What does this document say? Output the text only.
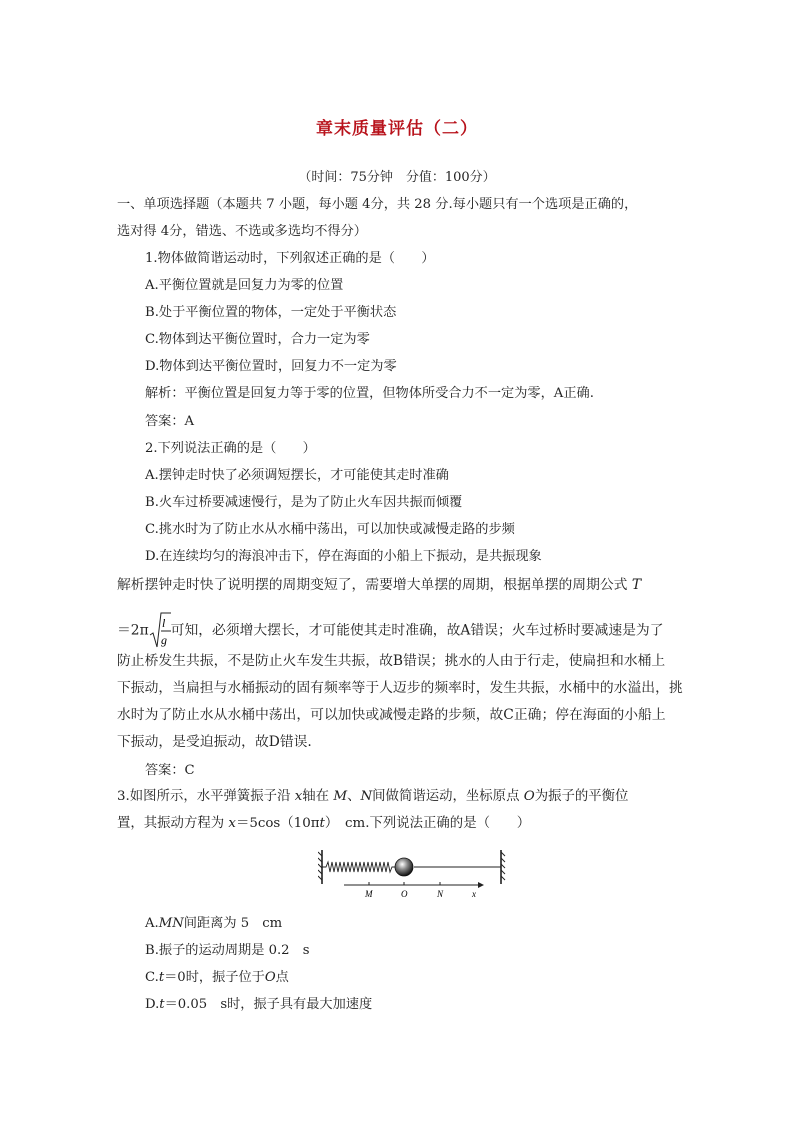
章末质量评估（二）
（时间：75分钟　分值：100分）
一、单项选择题（本题共 7 小题，每小题 4分，共 28 分.每小题只有一个选项是正确的，
选对得 4分，错选、不选或多选均不得分）
1.物体做简谐运动时，下列叙述正确的是（　　）
A.平衡位置就是回复力为零的位置
B.处于平衡位置的物体，一定处于平衡状态
C.物体到达平衡位置时，合力一定为零
D.物体到达平衡位置时，回复力不一定为零
解析：平衡位置是回复力等于零的位置，但物体所受合力不一定为零，A正确.
答案：A
2.下列说法正确的是（　　）
A.摆钟走时快了必须调短摆长，才可能使其走时准确
B.火车过桥要减速慢行，是为了防止火车因共振而倾覆
C.挑水时为了防止水从水桶中荡出，可以加快或减慢走路的步频
D.在连续均匀的海浪冲击下，停在海面的小船上下振动，是共振现象
解析摆钟走时快了说明摆的周期变短了，需要增大单摆的周期，根据单摆的周期公式 T
＝2π l
g
可知，必须增大摆长，才可能使其走时准确，故A错误；火车过桥时要减速是为了
防止桥发生共振，不是防止火车发生共振，故B错误；挑水的人由于行走，使扁担和水桶上
下振动，当扁担与水桶振动的固有频率等于人迈步的频率时，发生共振，水桶中的水溢出，挑
水时为了防止水从水桶中荡出，可以加快或减慢走路的步频，故C正确；停在海面的小船上
下振动，是受迫振动，故D错误.
答案：C
3.如图所示，水平弹簧振子沿 x轴在 M、N间做简谐运动，坐标原点 O为振子的平衡位
置，其振动方程为 x＝5cos（10πt）　cm.下列说法正确的是（　　）
M	O	N	x
A.MN间距离为 5　cm
B.振子的运动周期是 0.2　s
C.t＝0时，振子位于O点
D.t＝0.05　s时，振子具有最大加速度
